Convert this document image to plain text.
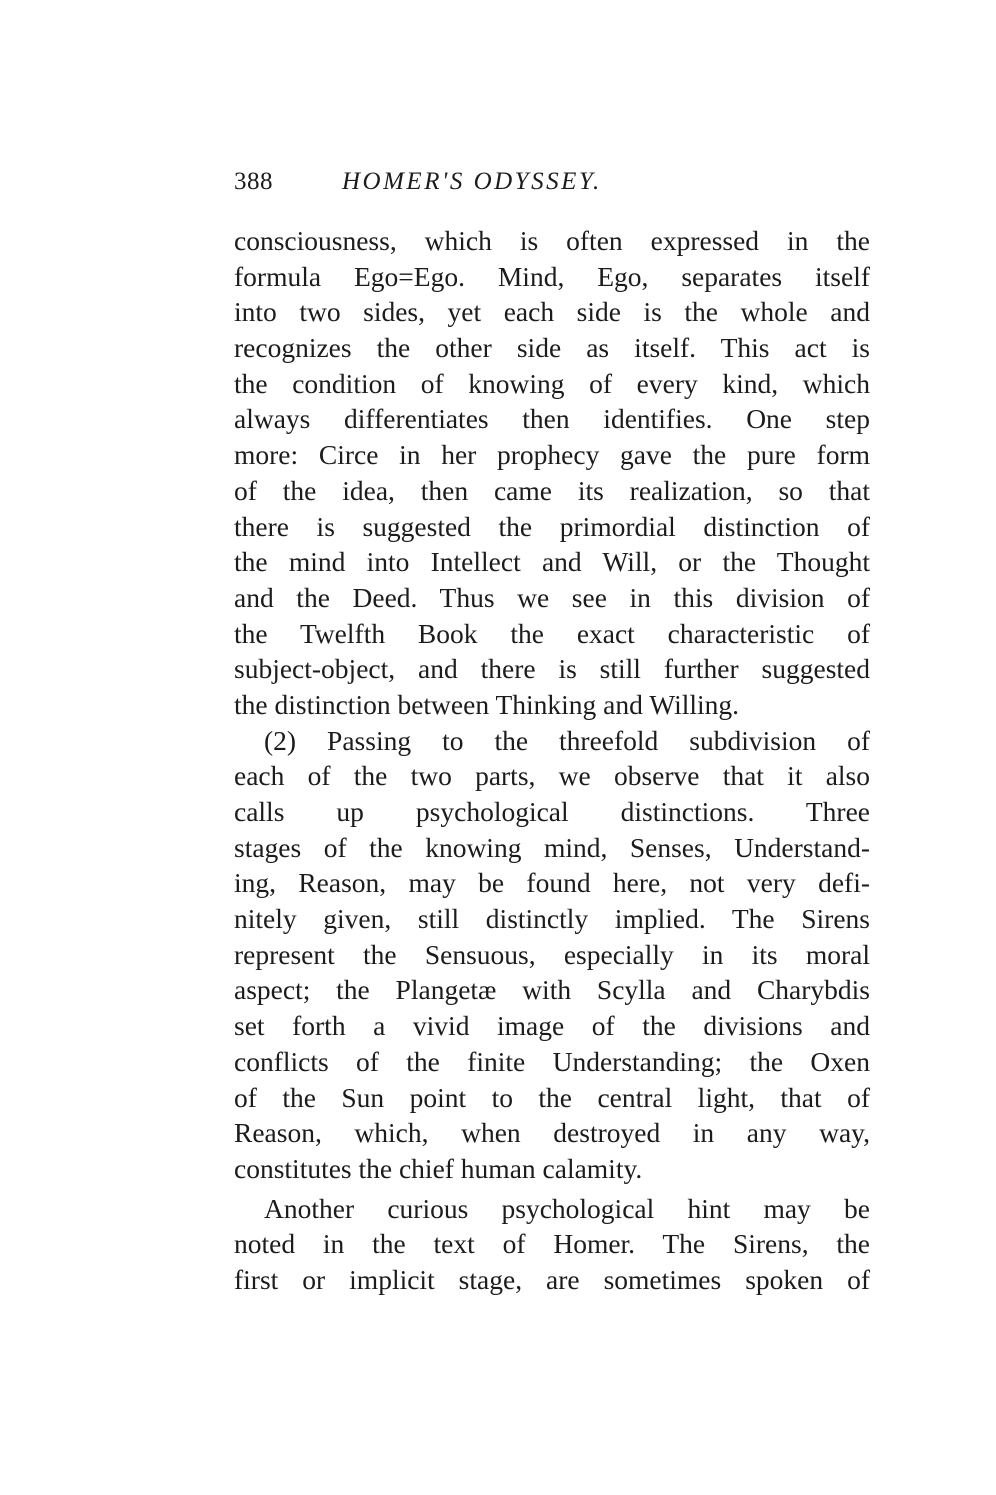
388	HOMER'S ODYSSEY.
consciousness, which is often expressed in the
formula Ego=Ego. Mind, Ego, separates itself
into two sides, yet each side is the whole and
recognizes the other side as itself. This act is
the condition of knowing of every kind, which
always differentiates then identifies. One step
more: Circe in her prophecy gave the pure form
of the idea, then came its realization, so that
there is suggested the primordial distinction of
the mind into Intellect and Will, or the Thought
and the Deed. Thus we see in this division of
the Twelfth Book the exact characteristic of
subject-object, and there is still further suggested
the distinction between Thinking and Willing.
(2) Passing to the threefold subdivision of
each of the two parts, we observe that it also
calls up psychological distinctions. Three
stages of the knowing mind, Senses, Understand-
ing, Reason, may be found here, not very defi-
nitely given, still distinctly implied. The Sirens
represent the Sensuous, especially in its moral
aspect; the Plangetæ with Scylla and Charybdis
set forth a vivid image of the divisions and
conflicts of the finite Understanding; the Oxen
of the Sun point to the central light, that of
Reason, which, when destroyed in any way,
constitutes the chief human calamity.
Another curious psychological hint may be
noted in the text of Homer. The Sirens, the
first or implicit stage, are sometimes spoken of
